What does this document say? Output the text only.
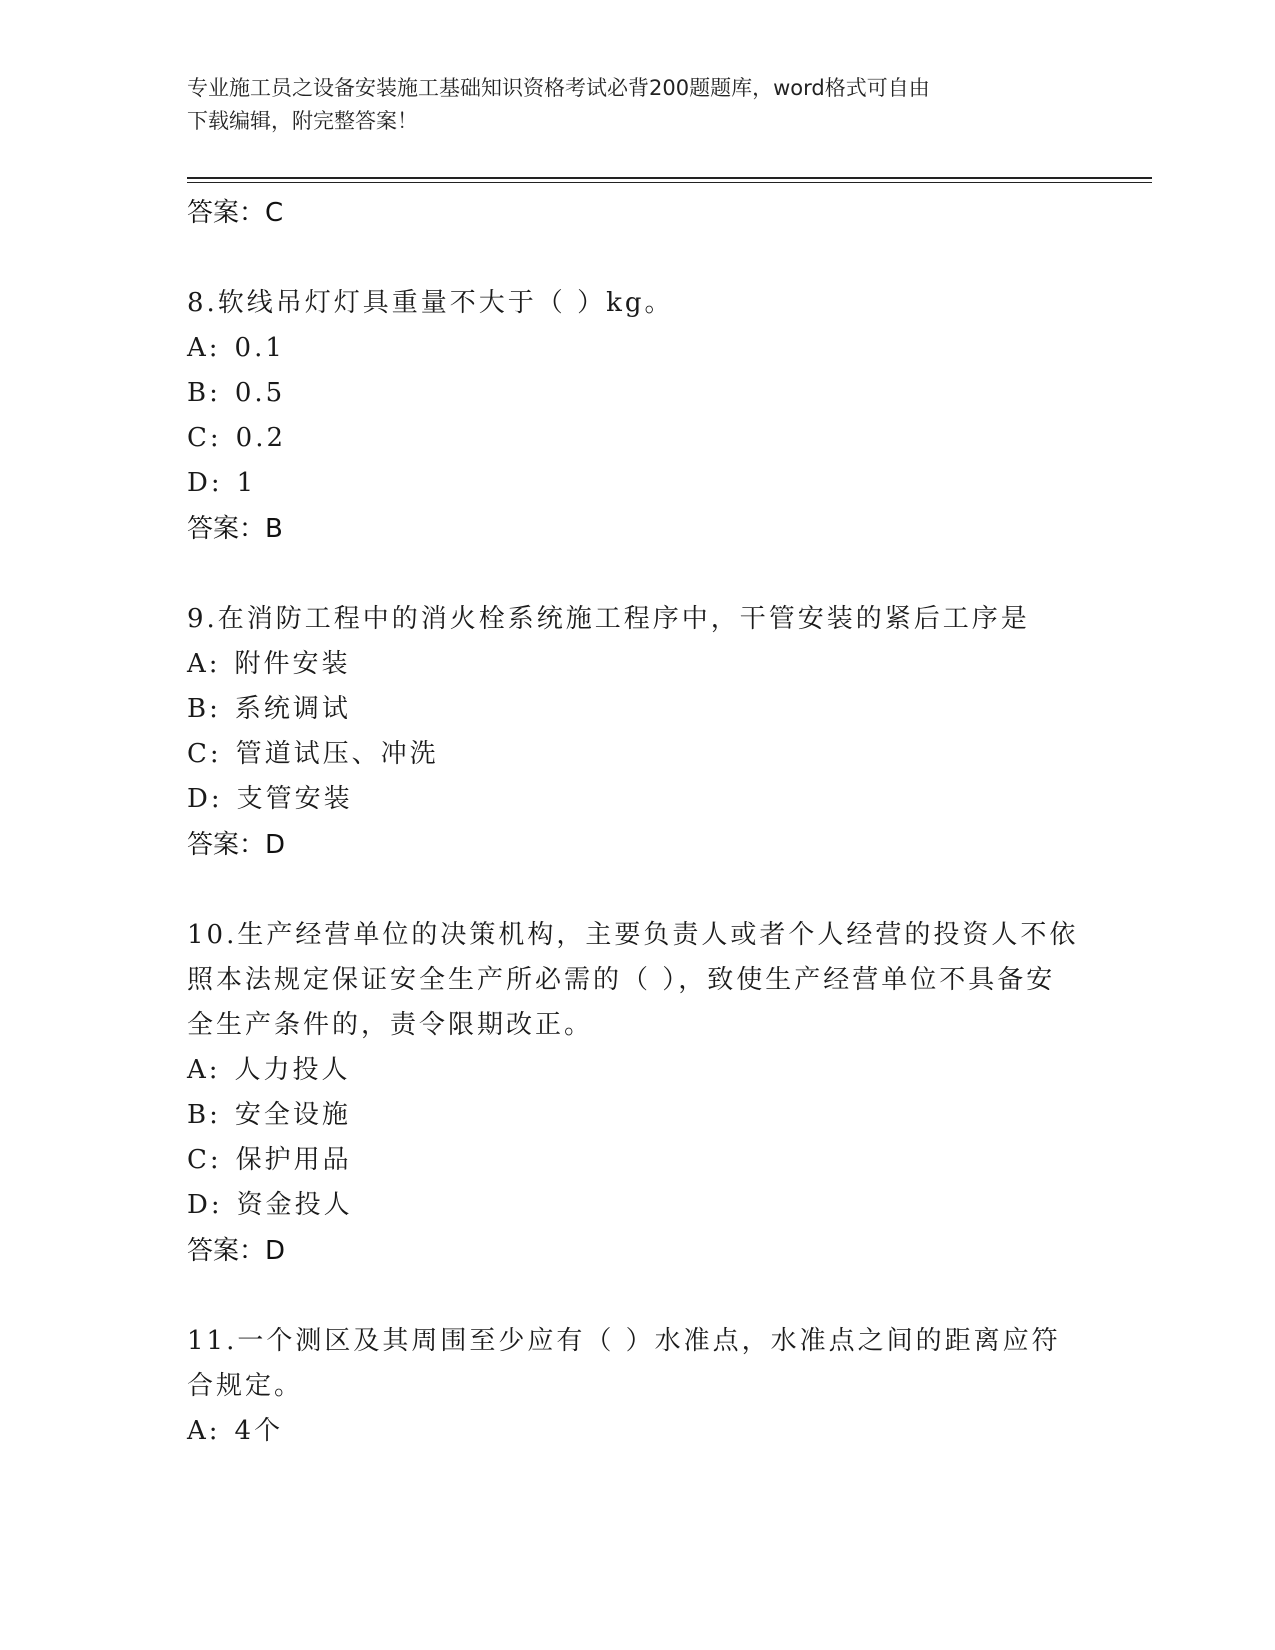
专业施工员之设备安装施工基础知识资格考试必背200题题库，word格式可自由
下载编辑，附完整答案！
答案：C
8.软线吊灯灯具重量不大于（ ）kg。
A: 0.1
B: 0.5
C: 0.2
D: 1
答案：B
9.在消防工程中的消火栓系统施工程序中，干管安装的紧后工序是
A: 附件安装
B: 系统调试
C: 管道试压、冲洗
D: 支管安装
答案：D
10.生产经营单位的决策机构，主要负责人或者个人经营的投资人不依
照本法规定保证安全生产所必需的（ ），致使生产经营单位不具备安
全生产条件的，责令限期改正。
A: 人力投人
B: 安全设施
C: 保护用品
D: 资金投人
答案：D
11.一个测区及其周围至少应有（ ）水准点，水准点之间的距离应符
合规定。
A: 4个
